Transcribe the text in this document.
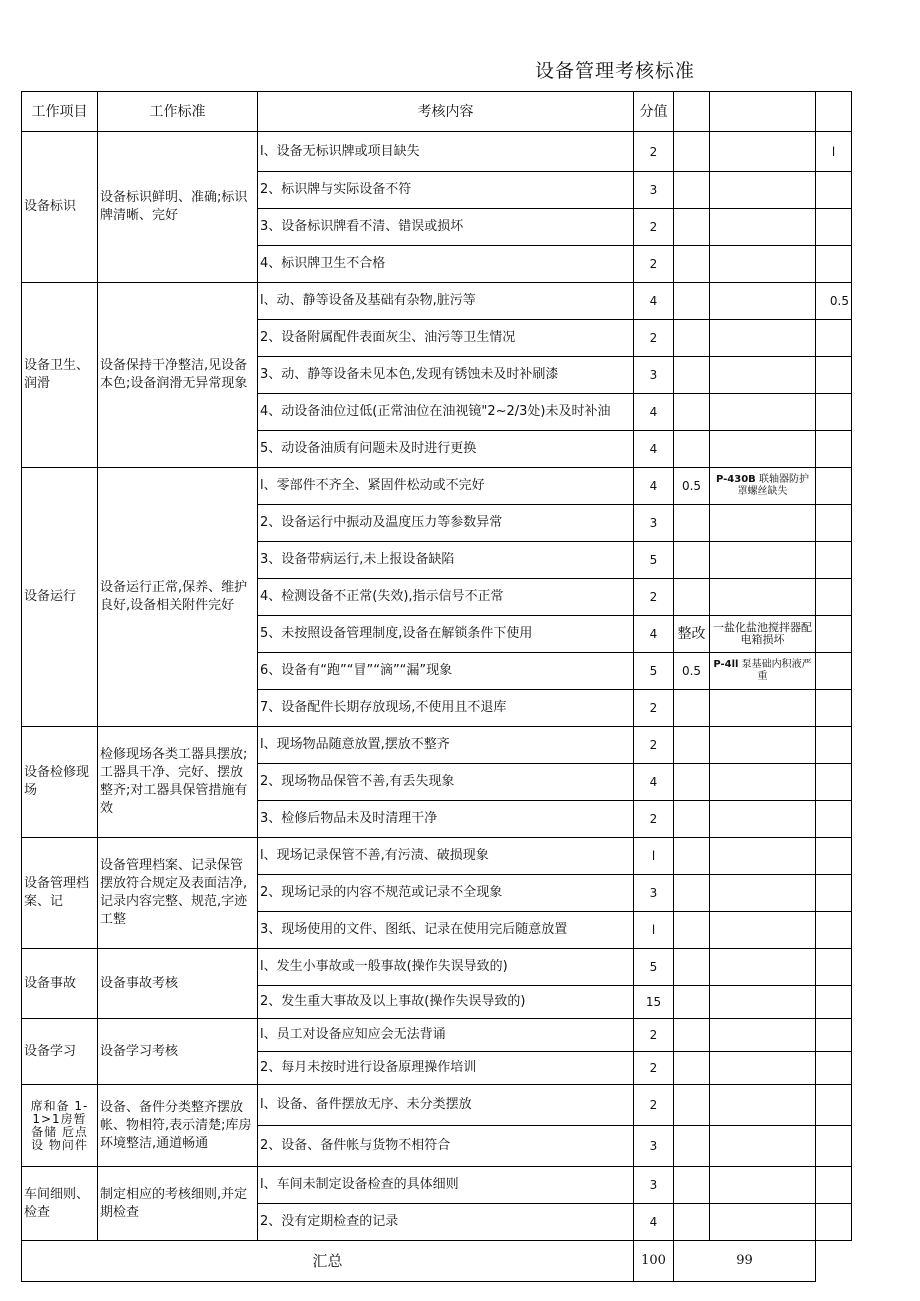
设备管理考核标准
工作项目	工作标准	考核内容	分值			
设备标识	设备标识鲜明、准确;标识牌清晰、完好	l、设备无标识牌或项目缺失	2			l
		2、标识牌与实际设备不符	3			
		3、设备标识牌看不清、错误或损坏	2			
		4、标识牌卫生不合格	2			
设备卫生、润滑	设备保持干净整洁,见设备本色;设备润滑无异常现象	l、动、静等设备及基础有杂物,脏污等	4			0.5
		2、设备附属配件表面灰尘、油污等卫生情况	2			
		3、动、静等设备未见本色,发现有锈蚀未及时补刷漆	3			
		4、动设备油位过低(正常油位在油视镜"2~2/3处)未及时补油	4			
		5、动设备油质有问题未及时进行更换	4			
设备运行	设备运行正常,保养、维护良好,设备相关附件完好	l、零部件不齐全、紧固件松动或不完好	4	0.5	P-430B 联轴器防护罩螺丝缺失	
		2、设备运行中振动及温度压力等参数异常	3			
		3、设备带病运行,未上报设备缺陷	5			
		4、检测设备不正常(失效),指示信号不正常	2			
		5、未按照设备管理制度,设备在解锁条件下使用	4	整改	一盐化盐池搅拌器配电箱损坏	
		6、设备有“跑”“冒”“滴”“漏”现象	5	0.5	P-4ll 泵基础内积液严重	
		7、设备配件长期存放现场,不使用且不退库	2			
设备检修现场	检修现场各类工器具摆放;工器具干净、完好、摆放整齐;对工器具保管措施有效	l、现场物品随意放置,摆放不整齐	2			
		2、现场物品保管不善,有丢失现象	4			
		3、检修后物品未及时清理干净	2			
设备管理档案、记	设备管理档案、记录保管摆放符合规定及表面洁净,记录内容完整、规范,字迹工整	l、现场记录保管不善,有污渍、破损现象	l			
		2、现场记录的内容不规范或记录不全现象	3			
		3、现场使用的文件、图纸、记录在使用完后随意放置	l			
设备事故	设备事故考核	l、发生小事故或一般事故(操作失误导致的)	5			
		2、发生重大事故及以上事故(操作失误导致的)	15			
设备学习	设备学习考核	l、员工对设备应知应会无法背诵	2			
		2、每月未按时进行设备原理操作培训	2			
席和备 1-1>1房暂 备储 卮点设 物问件	设备、备件分类整齐摆放帐、物相符,表示清楚;库房环境整洁,通道畅通	l、设备、备件摆放无序、未分类摆放	2			
		2、设备、备件帐与货物不相符合	3			
车间细则、检查	制定相应的考核细则,并定期检查	l、车间未制定设备检查的具体细则	3			
		2、没有定期检查的记录	4			
汇总			100	99		
